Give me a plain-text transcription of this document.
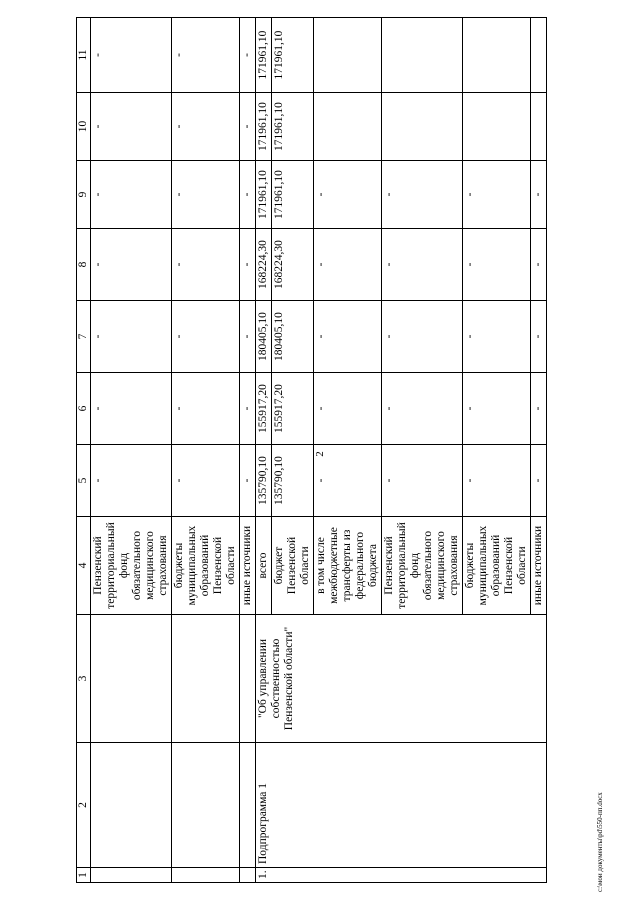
2
1	2	3	4	5	6	7	8	9	10	11
			Пензенский территориальный фонд обязательного медицинского страхования	-	-	-	-	-	-	-
			бюджеты муниципальных образований Пензенской области	-	-	-	-	-	-	-
			иные источники	-	-	-	-	-	-	-
1.	Подпрограмма 1	"Об управлении собственностью Пензенской области"	всего	135790,10	155917,20	180405,10	168224,30	171961,10	171961,10	171961,10
			бюджет Пензенской области	135790,10	155917,20	180405,10	168224,30	171961,10	171961,10	171961,10
			в том числе межбюджетные трансферты из федерального бюджета	-	-	-	-	-		
			Пензенский территориальный фонд обязательного медицинского страхования	-	-	-	-	-		
			бюджеты муниципальных образований Пензенской области	-	-	-	-	-		
			иные источники	-	-	-	-	-		
c:\мои документы\pd\550-пп.docx
